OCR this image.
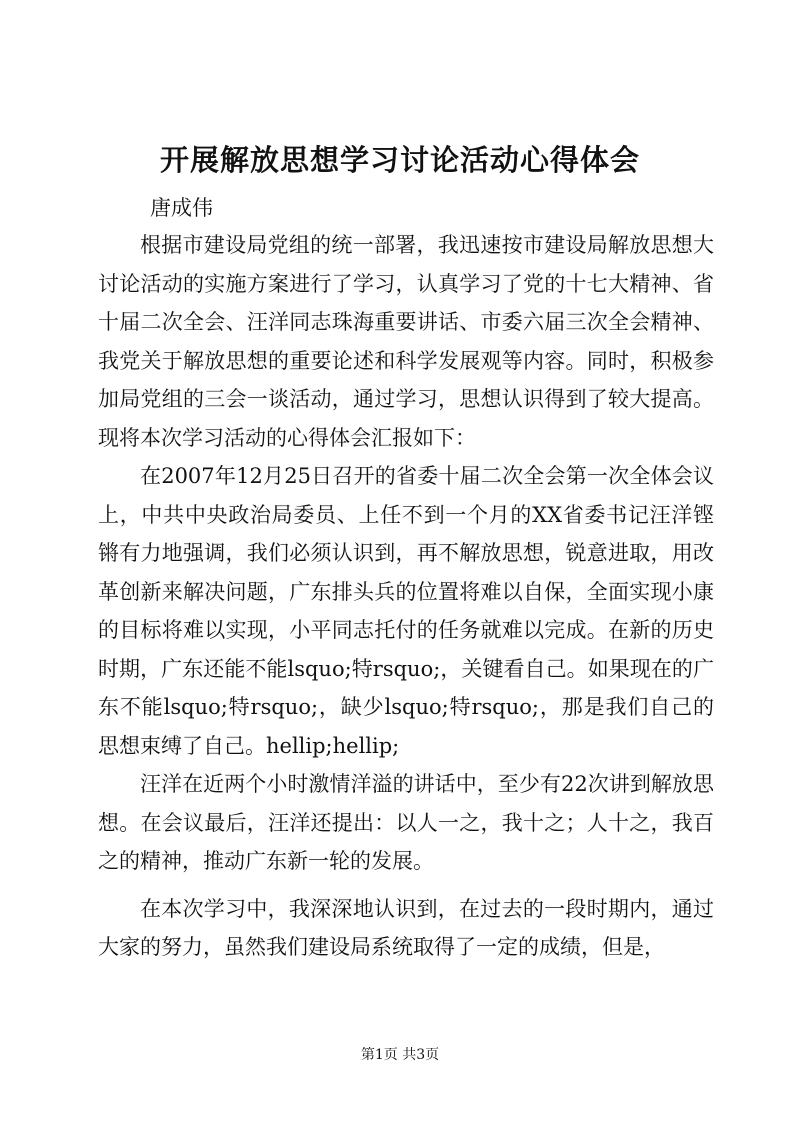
开展解放思想学习讨论活动心得体会
唐成伟

根据市建设局党组的统一部署，我迅速按市建设局解放思想大讨论活动的实施方案进行了学习，认真学习了党的十七大精神、省十届二次全会、汪洋同志珠海重要讲话、市委六届三次全会精神、我党关于解放思想的重要论述和科学发展观等内容。同时，积极参加局党组的三会一谈活动，通过学习，思想认识得到了较大提高。现将本次学习活动的心得体会汇报如下：

在2007年12月25日召开的省委十届二次全会第一次全体会议上，中共中央政治局委员、上任不到一个月的XX省委书记汪洋铿锵有力地强调，我们必须认识到，再不解放思想，锐意进取，用改革创新来解决问题，广东排头兵的位置将难以自保，全面实现小康的目标将难以实现，小平同志托付的任务就难以完成。在新的历史时期，广东还能不能lsquo;特rsquo;，关键看自己。如果现在的广东不能lsquo;特rsquo;，缺少lsquo;特rsquo;，那是我们自己的思想束缚了自己。hellip;hellip;

汪洋在近两个小时激情洋溢的讲话中，至少有22次讲到解放思想。在会议最后，汪洋还提出：以人一之，我十之；人十之，我百之的精神，推动广东新一轮的发展。

在本次学习中，我深深地认识到，在过去的一段时期内，通过大家的努力，虽然我们建设局系统取得了一定的成绩，但是，

第1页 共3页
